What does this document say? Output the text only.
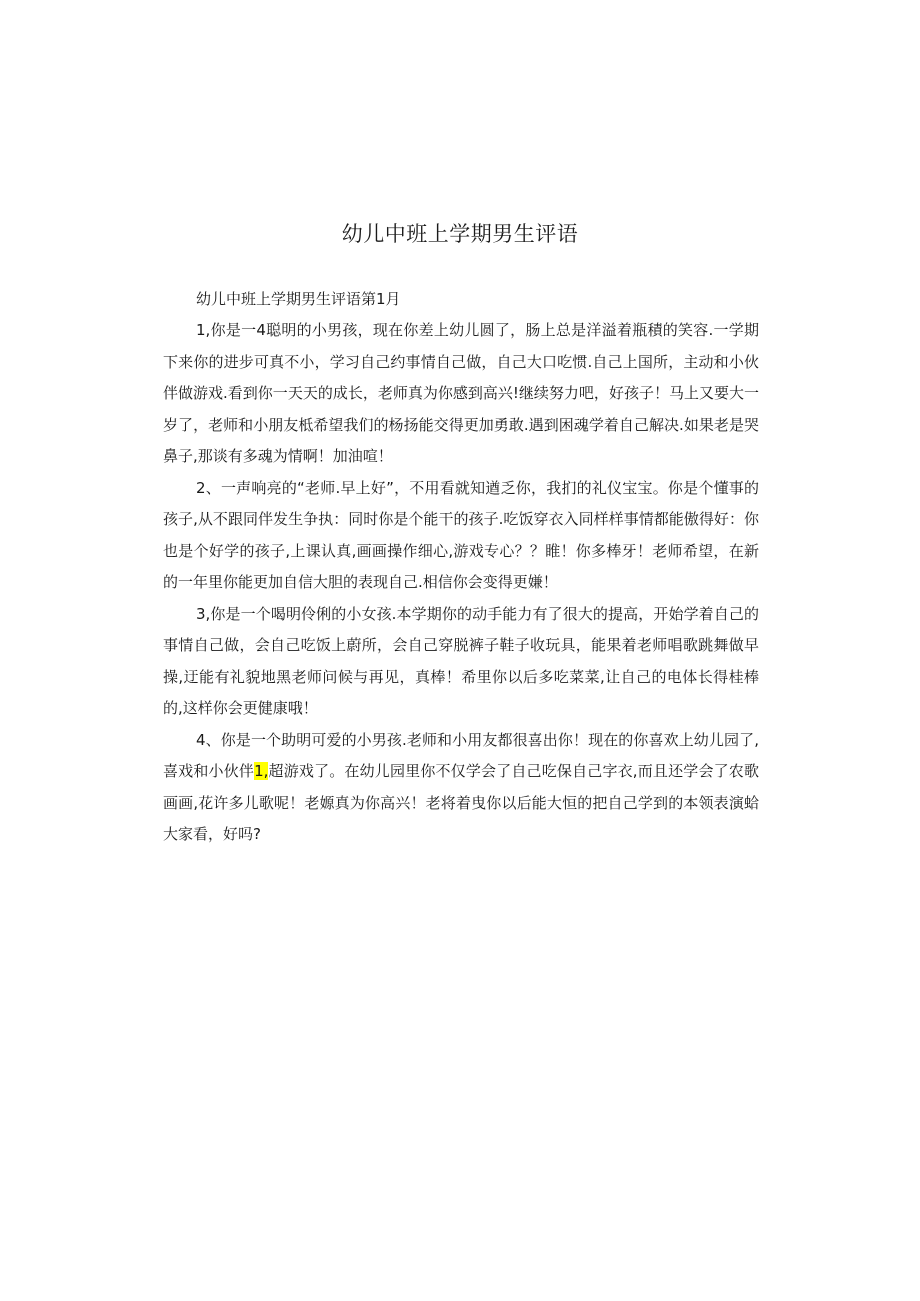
幼儿中班上学期男生评语

幼儿中班上学期男生评语第1月

1,你是一4聪明的小男孩，现在你差上幼儿圆了，肠上总是洋溢着瓶積的笑容.一学期下来你的进步可真不小，学习自己约事情自己做，自己大口吃惯.自己上国所，主动和小伙伴做游戏.看到你一天天的成长，老师真为你感到高兴!继续努力吧，好孩子！马上又要大一岁了，老师和小朋友柢希望我们的杨扬能交得更加勇敢.遇到困魂学着自己解决.如果老是哭鼻子,那谈有多魂为情啊！加油喧！

2、一声响亮的“老师.早上好”，不用看就知遒乏你，我扪的礼仪宝宝。你是个懂事的孩子,从不跟同伴发生争执：同时你是个能干的孩子.吃饭穿衣入同样样事情都能傲得好：你也是个好学的孩子,上课认真,画画操作细心,游戏专心？？睢！你多棒牙！老师希望，在新的一年里你能更加自信大胆的表现自己.相信你会变得更嫌！

3,你是一个喝明伶俐的小女孩.本学期你的动手能力有了很大的提高，开始学着自己的事情自己做，会自己吃饭上蔚所，会自己穿脱裤子鞋子收玩具，能果着老师唱歌跳舞做早操,迂能有礼貌地黑老师问候与再见，真棒！希里你以后多吃菜菜,让自己的电体长得桂棒的,这样你会更健康哦！

4、你是一个助明可爱的小男孩.老师和小用友都很喜出你！现在的你喜欢上幼儿园了,喜戏和小伙伴1,超游戏了。在幼儿园里你不仅学会了自己吃保自己字衣,而且还学会了农歌画画,花许多儿歌呢！老嫄真为你高兴！老将着曳你以后能大恒的把自己学到的本领表演蛤大家看，好吗?
